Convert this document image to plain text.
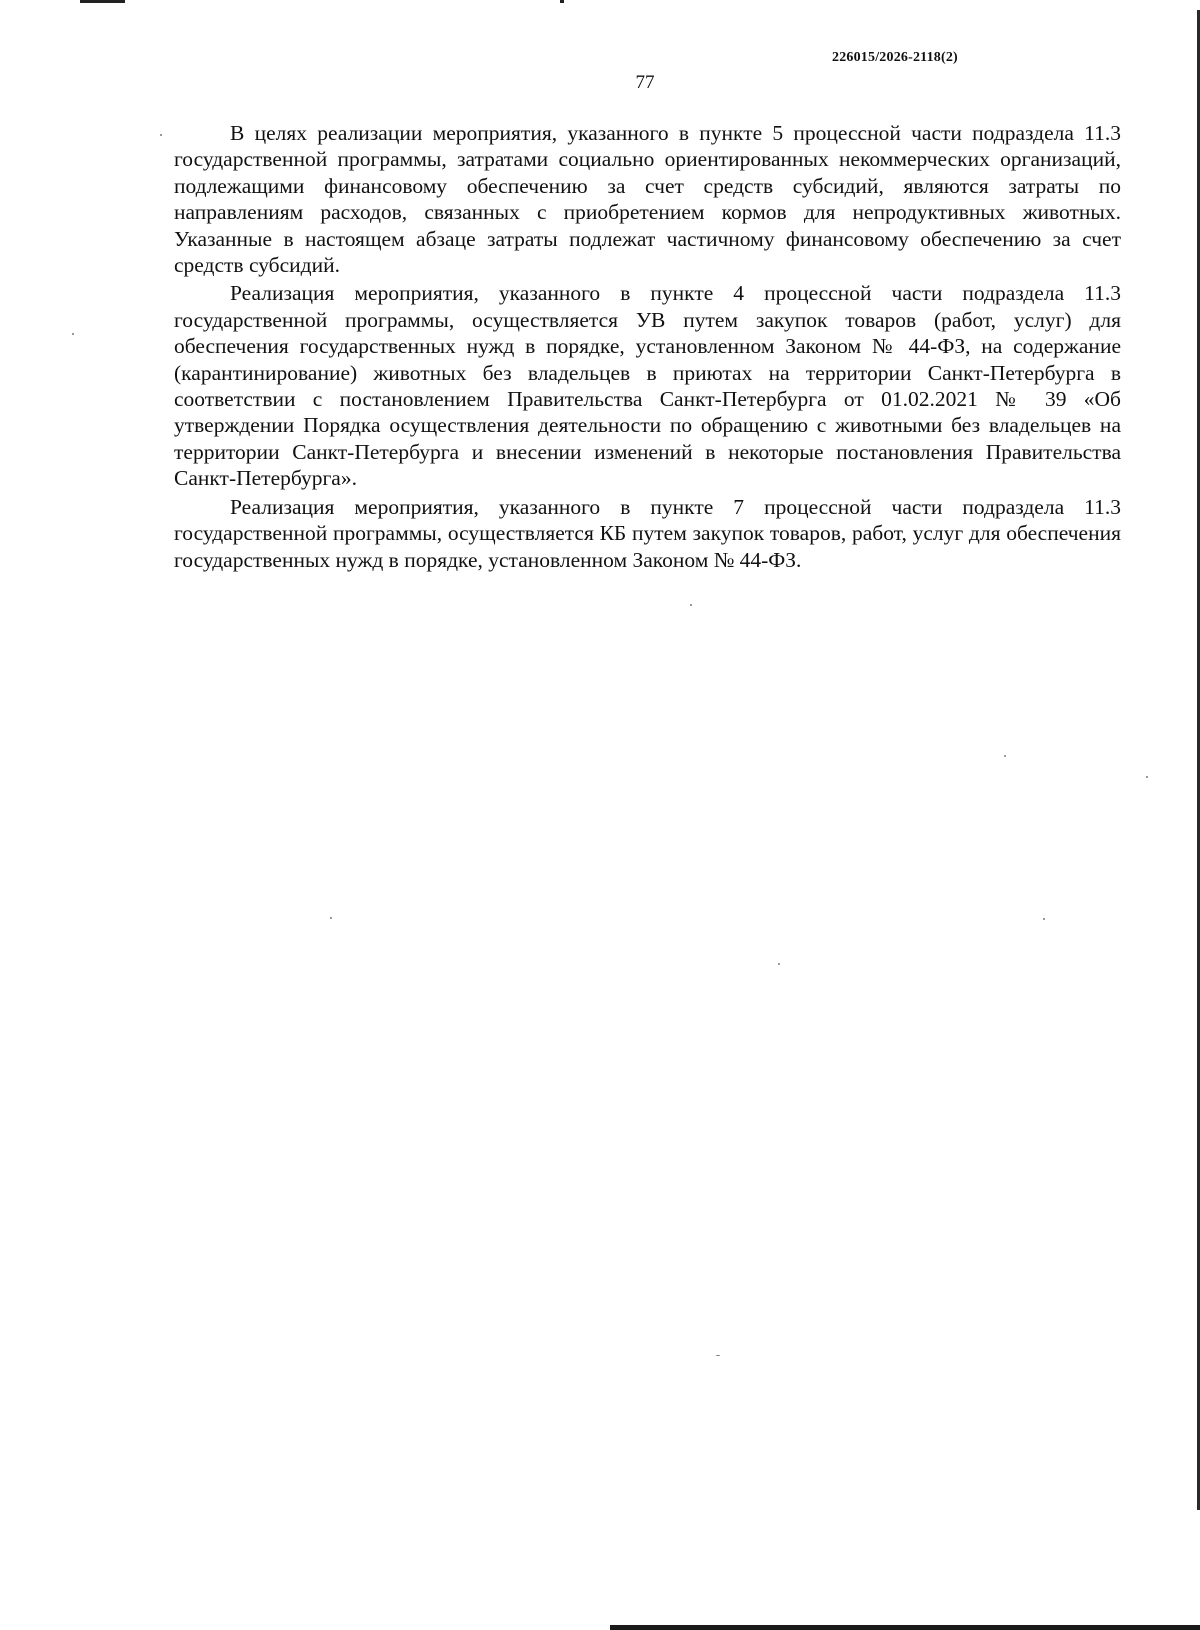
226015/2026-2118(2)
77

В целях реализации мероприятия, указанного в пункте 5 процессной части подраздела 11.3 государственной программы, затратами социально ориентированных некоммерческих организаций, подлежащими финансовому обеспечению за счет средств субсидий, являются затраты по направлениям расходов, связанных с приобретением кормов для непродуктивных животных. Указанные в настоящем абзаце затраты подлежат частичному финансовому обеспечению за счет средств субсидий.

Реализация мероприятия, указанного в пункте 4 процессной части подраздела 11.3 государственной программы, осуществляется УВ путем закупок товаров (работ, услуг) для обеспечения государственных нужд в порядке, установленном Законом № 44-ФЗ, на содержание (карантинирование) животных без владельцев в приютах на территории Санкт-Петербурга в соответствии с постановлением Правительства Санкт-Петербурга от 01.02.2021 № 39 «Об утверждении Порядка осуществления деятельности по обращению с животными без владельцев на территории Санкт-Петербурга и внесении изменений в некоторые постановления Правительства Санкт-Петербурга».

Реализация мероприятия, указанного в пункте 7 процессной части подраздела 11.3 государственной программы, осуществляется КБ путем закупок товаров, работ, услуг для обеспечения государственных нужд в порядке, установленном Законом № 44-ФЗ.
